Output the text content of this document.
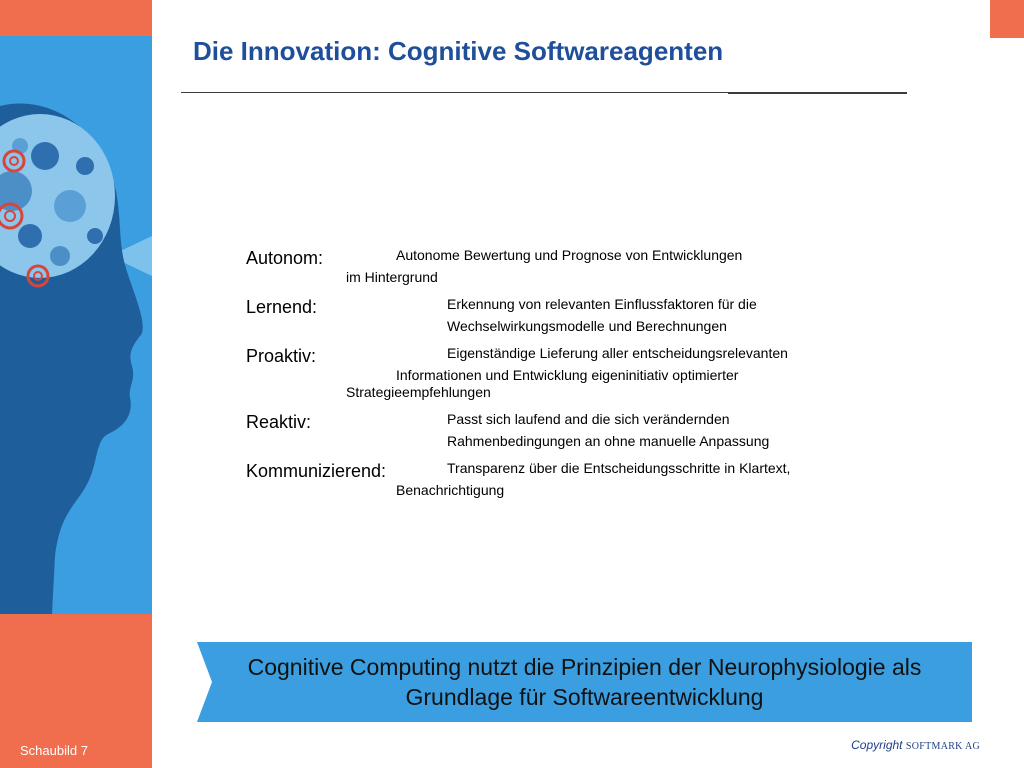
Schaubild 7
Die Innovation: Cognitive Softwareagenten
Autonom:	Autonome Bewertung und Prognose von Entwicklungen
im Hintergrund
Lernend:	Erkennung von relevanten Einflussfaktoren für die
Wechselwirkungsmodelle und Berechnungen
Proaktiv:	Eigenständige Lieferung aller entscheidungsrelevanten
Informationen und Entwicklung eigeninitiativ optimierter
Strategieempfehlungen
Reaktiv:	Passt sich laufend and die sich verändernden
Rahmenbedingungen an ohne manuelle Anpassung
Kommunizierend:	Transparenz über die Entscheidungsschritte in Klartext,
Benachrichtigung
Cognitive Computing nutzt die Prinzipien der Neurophysiologie als
Grundlage für Softwareentwicklung
Copyright SOFTMARK AG
